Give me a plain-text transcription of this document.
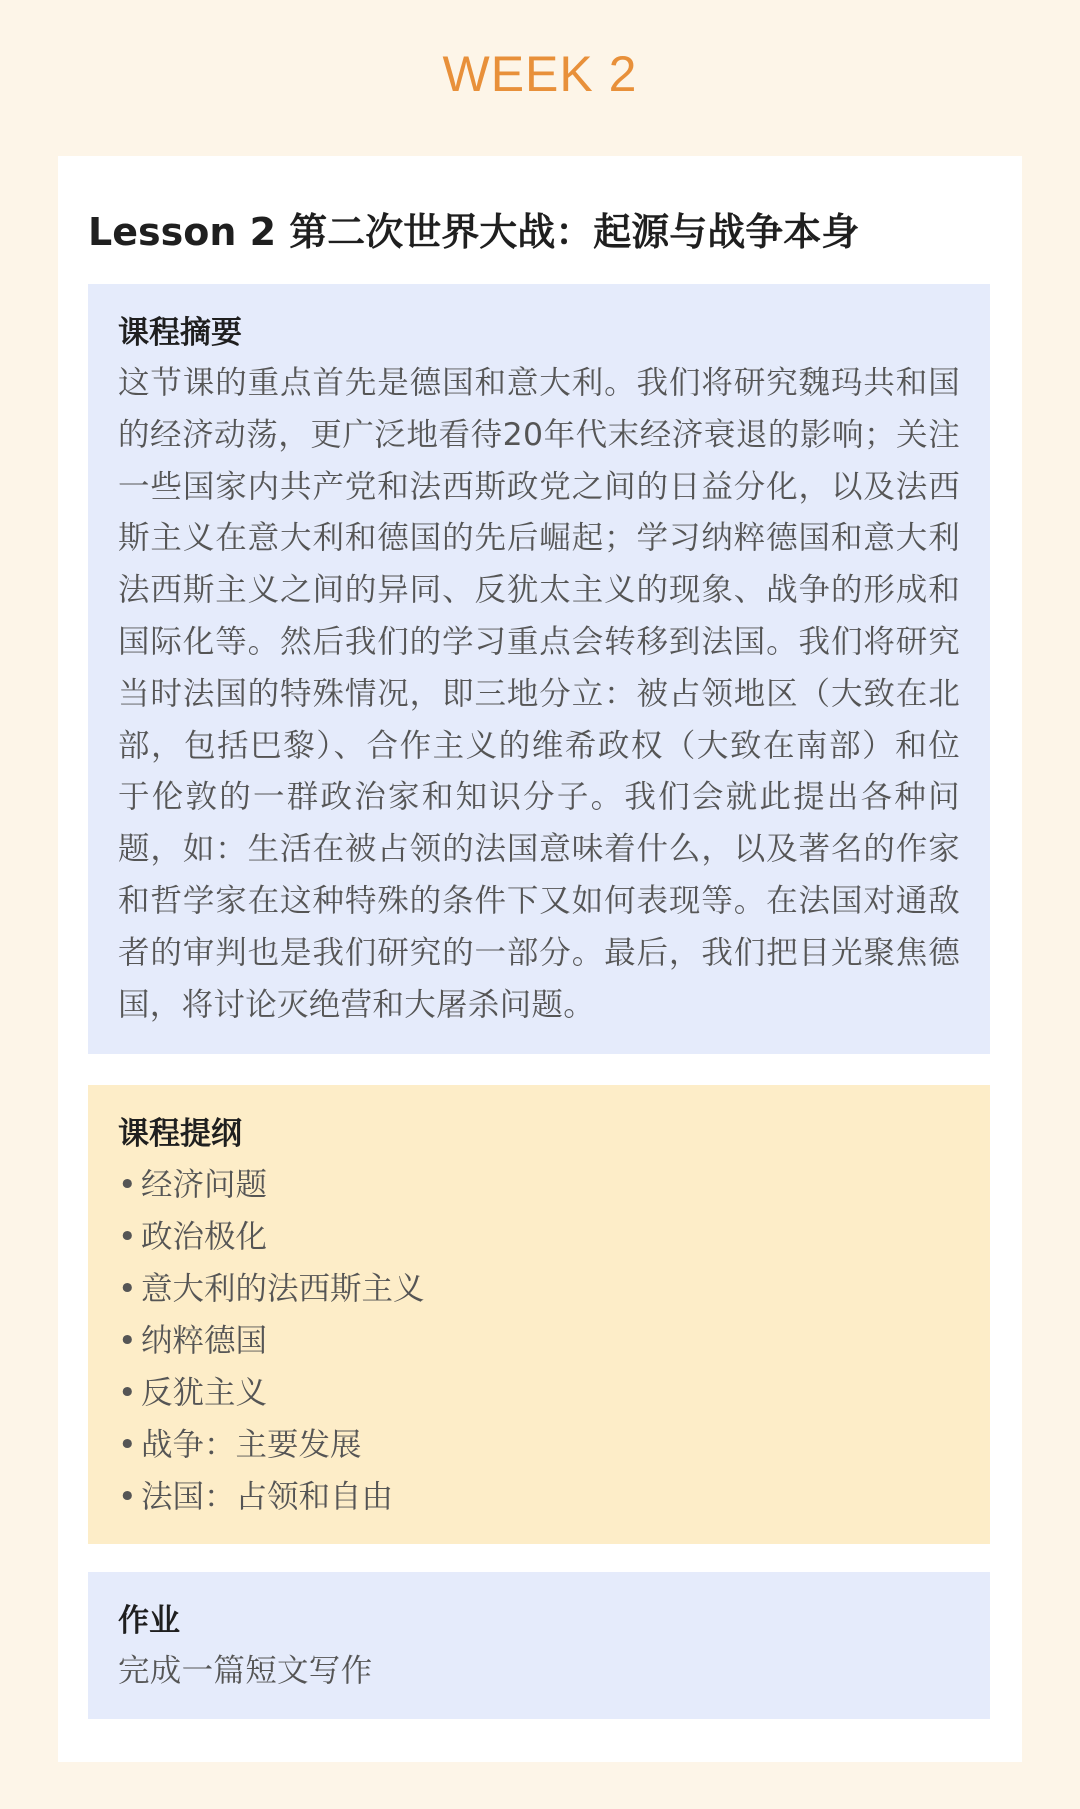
WEEK 2
Lesson 2 第二次世界大战：起源与战争本身
课程摘要
这节课的重点首先是德国和意大利。我们将研究魏玛共和国的经济动荡，更广泛地看待20年代末经济衰退的影响；关注一些国家内共产党和法西斯政党之间的日益分化，以及法西斯主义在意大利和德国的先后崛起；学习纳粹德国和意大利法西斯主义之间的异同、反犹太主义的现象、战争的形成和国际化等。然后我们的学习重点会转移到法国。我们将研究当时法国的特殊情况，即三地分立：被占领地区（大致在北部，包括巴黎）、合作主义的维希政权（大致在南部）和位于伦敦的一群政治家和知识分子。我们会就此提出各种问题，如：生活在被占领的法国意味着什么，以及著名的作家和哲学家在这种特殊的条件下又如何表现等。在法国对通敌者的审判也是我们研究的一部分。最后，我们把目光聚焦德国，将讨论灭绝营和大屠杀问题。
课程提纲
• 经济问题
• 政治极化
• 意大利的法西斯主义
• 纳粹德国
• 反犹主义
• 战争：主要发展
• 法国：占领和自由
作业
完成一篇短文写作
